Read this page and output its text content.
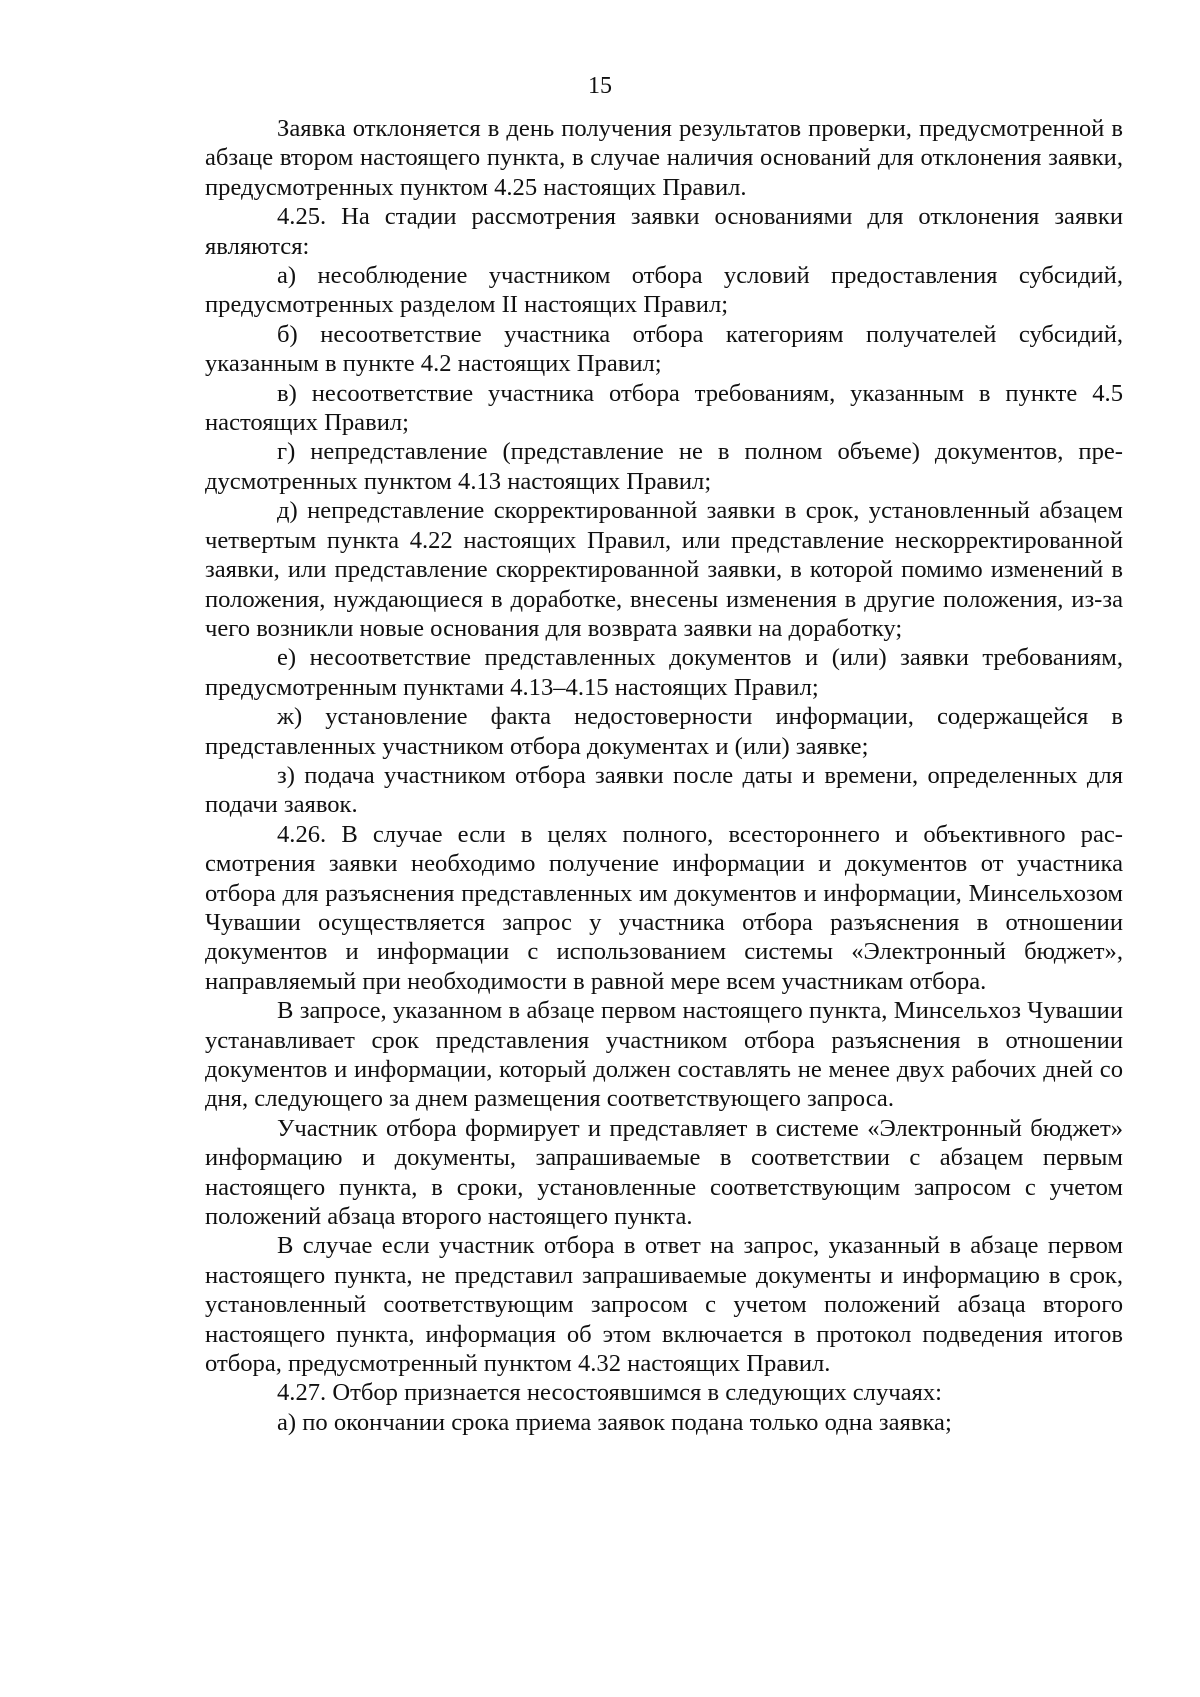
15

Заявка отклоняется в день получения результатов проверки, предусмотренной в абзаце втором настоящего пункта, в случае наличия оснований для отклонения заявки, предусмотренных пунктом 4.25 настоящих Правил.

4.25. На стадии рассмотрения заявки основаниями для отклонения заявки являются:

а) несоблюдение участником отбора условий предоставления субсидий, предусмотренных разделом II настоящих Правил;

б) несоответствие участника отбора категориям получателей субсидий, указанным в пункте 4.2 настоящих Правил;

в) несоответствие участника отбора требованиям, указанным в пункте 4.5 настоящих Правил;

г) непредставление (представление не в полном объеме) документов, предусмотренных пунктом 4.13 настоящих Правил;

д) непредставление скорректированной заявки в срок, установленный абзацем четвертым пункта 4.22 настоящих Правил, или представление нескорректированной заявки, или представление скорректированной заявки, в которой помимо изменений в положения, нуждающиеся в доработке, внесены изменения в другие положения, из-за чего возникли новые основания для возврата заявки на доработку;

е) несоответствие представленных документов и (или) заявки требованиям, предусмотренным пунктами 4.13–4.15 настоящих Правил;

ж) установление факта недостоверности информации, содержащейся в представленных участником отбора документах и (или) заявке;

з) подача участником отбора заявки после даты и времени, определенных для подачи заявок.

4.26. В случае если в целях полного, всестороннего и объективного рассмотрения заявки необходимо получение информации и документов от участника отбора для разъяснения представленных им документов и информации, Минсельхозом Чувашии осуществляется запрос у участника отбора разъяснения в отношении документов и информации с использованием системы «Электронный бюджет», направляемый при необходимости в равной мере всем участникам отбора.

В запросе, указанном в абзаце первом настоящего пункта, Минсельхоз Чувашии устанавливает срок представления участником отбора разъяснения в отношении документов и информации, который должен составлять не менее двух рабочих дней со дня, следующего за днем размещения соответствующего запроса.

Участник отбора формирует и представляет в системе «Электронный бюджет» информацию и документы, запрашиваемые в соответствии с абзацем первым настоящего пункта, в сроки, установленные соответствующим запросом с учетом положений абзаца второго настоящего пункта.

В случае если участник отбора в ответ на запрос, указанный в абзаце первом настоящего пункта, не представил запрашиваемые документы и информацию в срок, установленный соответствующим запросом с учетом положений абзаца второго настоящего пункта, информация об этом включается в протокол подведения итогов отбора, предусмотренный пунктом 4.32 настоящих Правил.

4.27. Отбор признается несостоявшимся в следующих случаях:

а) по окончании срока приема заявок подана только одна заявка;
